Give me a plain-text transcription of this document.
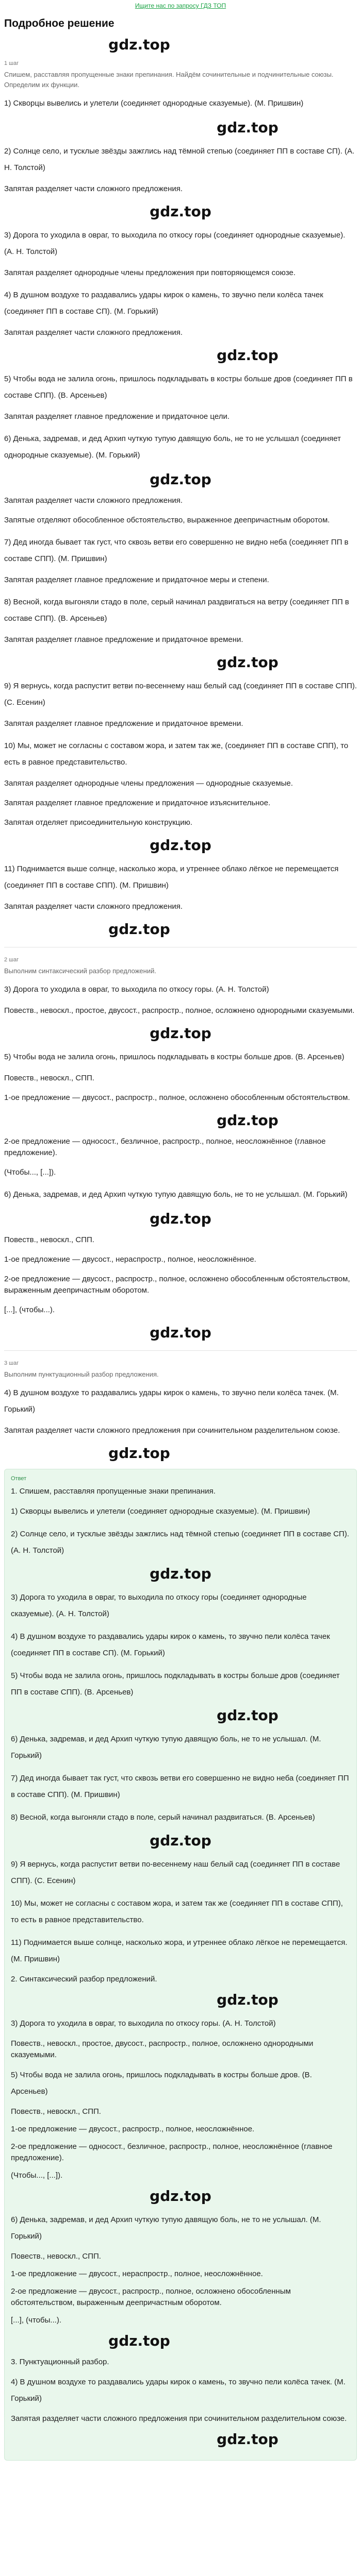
Ищите нас по запросу ГДЗ ТОП
Подробное решение
gdz.top
1 шаг
Спишем, расставляя пропущенные знаки препинания. Найдём сочинительные и подчинительные союзы. Определим их функции.

1) Скворцы вывелись и улетели (соединяет однородные сказуемые). (М. Пришвин)

gdz.top

2) Солнце село, и тусклые звёзды зажглись над тёмной степью (соединяет ПП в составе СП). (А. Н. Толстой)

Запятая разделяет части сложного предложения.

gdz.top

3) Дорога то уходила в овраг, то выходила по откосу горы (соединяет однородные сказуемые). (А. Н. Толстой)

Запятая разделяет однородные члены предложения при повторяющемся союзе.

4) В душном воздухе то раздавались удары кирок о камень, то звучно пели колёса тачек (соединяет ПП в составе СП). (М. Горький)

Запятая разделяет части сложного предложения.

gdz.top

5) Чтобы вода не залила огонь, пришлось подкладывать в костры больше дров (соединяет ПП в составе СПП). (В. Арсеньев)

Запятая разделяет главное предложение и придаточное цели.

6) Денька, задремав, и дед Архип чуткую тупую давящую боль, не то не услышал (соединяет однородные сказуемые). (М. Горький)

gdz.top

Запятая разделяет части сложного предложения.

Запятые отделяют обособленное обстоятельство, выраженное деепричастным оборотом.

7) Дед иногда бывает так густ, что сквозь ветви его совершенно не видно неба (соединяет ПП в составе СПП). (М. Пришвин)

Запятая разделяет главное предложение и придаточное меры и степени.

8) Весной, когда выгоняли стадо в поле, серый начинал раздвигаться на ветру (соединяет ПП в составе СПП). (В. Арсеньев)

Запятая разделяет главное предложение и придаточное времени.

gdz.top

9) Я вернусь, когда распустит ветви по-весеннему наш белый сад (соединяет ПП в составе СПП). (С. Есенин)

Запятая разделяет главное предложение и придаточное времени.

10) Мы, может не согласны с составом жора, и затем так же, (соединяет ПП в составе СПП), то есть в равное представительство.

Запятая разделяет однородные члены предложения — однородные сказуемые.

Запятая разделяет главное предложение и придаточное изъяснительное.

Запятая отделяет присоединительную конструкцию.

gdz.top

11) Поднимается выше солнце, насколько жора, и утреннее облако лёгкое не перемещается (соединяет ПП в составе СПП). (М. Пришвин)

Запятая разделяет части сложного предложения.

gdz.top
2 шаг
Выполним синтаксический разбор предложений.

3) Дорога то уходила в овраг, то выходила по откосу горы. (А. Н. Толстой)

Повеств., невоскл., простое, двусост., распростр., полное, осложнено однородными сказуемыми.

gdz.top

5) Чтобы вода не залила огонь, пришлось подкладывать в костры больше дров. (В. Арсеньев)

Повеств., невоскл., СПП.

1-ое предложение — двусост., распростр., полное, осложнено обособленным обстоятельством.

gdz.top

2-ое предложение — односост., безличное, распростр., полное, неосложнённое (главное предложение).

(Чтобы..., [...]).

6) Денька, задремав, и дед Архип чуткую тупую давящую боль, не то не услышал. (М. Горький)

gdz.top

Повеств., невоскл., СПП.

1-ое предложение — двусост., нераспростр., полное, неосложнённое.

2-ое предложение — двусост., распростр., полное, осложнено обособленным обстоятельством, выраженным деепричастным оборотом.

[...], (чтобы...).

gdz.top
3 шаг
Выполним пунктуационный разбор предложения.

4) В душном воздухе то раздавались удары кирок о камень, то звучно пели колёса тачек. (М. Горький)

Запятая разделяет части сложного предложения при сочинительном разделительном союзе.

gdz.top
Ответ

1. Спишем, расставляя пропущенные знаки препинания.

1) Скворцы вывелись и улетели (соединяет однородные сказуемые). (М. Пришвин)

2) Солнце село, и тусклые звёзды зажглись над тёмной степью (соединяет ПП в составе СП). (А. Н. Толстой)

gdz.top

3) Дорога то уходила в овраг, то выходила по откосу горы (соединяет однородные сказуемые). (А. Н. Толстой)

4) В душном воздухе то раздавались удары кирок о камень, то звучно пели колёса тачек (соединяет ПП в составе СП). (М. Горький)

5) Чтобы вода не залила огонь, пришлось подкладывать в костры больше дров (соединяет ПП в составе СПП). (В. Арсеньев)

gdz.top

6) Денька, задремав, и дед Архип чуткую тупую давящую боль, не то не услышал. (М. Горький)

7) Дед иногда бывает так густ, что сквозь ветви его совершенно не видно неба (соединяет ПП в составе СПП). (М. Пришвин)

8) Весной, когда выгоняли стадо в поле, серый начинал раздвигаться. (В. Арсеньев)

gdz.top

9) Я вернусь, когда распустит ветви по-весеннему наш белый сад (соединяет ПП в составе СПП). (С. Есенин)

10) Мы, может не согласны с составом жора, и затем так же (соединяет ПП в составе СПП), то есть в равное представительство.

11) Поднимается выше солнце, насколько жора, и утреннее облако лёгкое не перемещается. (М. Пришвин)

2. Синтаксический разбор предложений.

gdz.top

3) Дорога то уходила в овраг, то выходила по откосу горы. (А. Н. Толстой)

Повеств., невоскл., простое, двусост., распростр., полное, осложнено однородными сказуемыми.

5) Чтобы вода не залила огонь, пришлось подкладывать в костры больше дров. (В. Арсеньев)

Повеств., невоскл., СПП.

1-ое предложение — двусост., распростр., полное, неосложнённое.

2-ое предложение — односост., безличное, распростр., полное, неосложнённое (главное предложение).

(Чтобы..., [...]).

gdz.top

6) Денька, задремав, и дед Архип чуткую тупую давящую боль, не то не услышал. (М. Горький)

Повеств., невоскл., СПП.

1-ое предложение — двусост., нераспростр., полное, неосложнённое.

2-ое предложение — двусост., распростр., полное, осложнено обособленным обстоятельством, выраженным деепричастным оборотом.

[...], (чтобы...).

gdz.top

3. Пунктуационный разбор.

4) В душном воздухе то раздавались удары кирок о камень, то звучно пели колёса тачек. (М. Горький)

Запятая разделяет части сложного предложения при сочинительном разделительном союзе.

gdz.top
